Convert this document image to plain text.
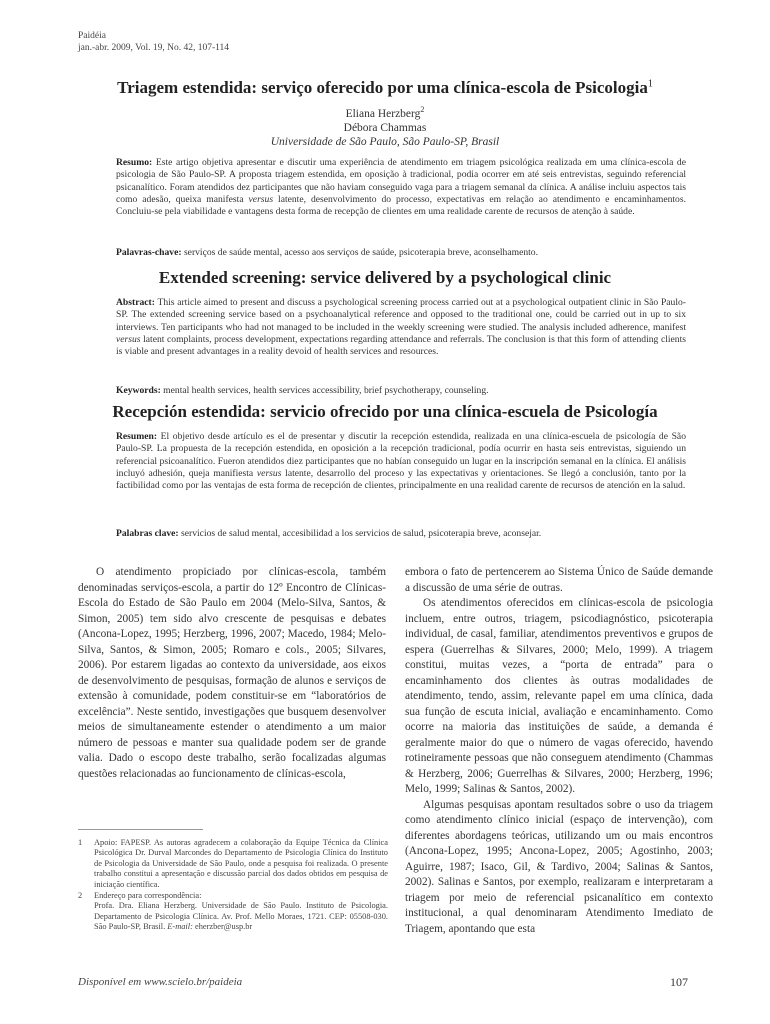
Paidéia
jan.-abr. 2009, Vol. 19, No. 42, 107-114
Triagem estendida: serviço oferecido por uma clínica-escola de Psicologia$^1$
Eliana Herzberg$^2$
Débora Chammas
Universidade de São Paulo, São Paulo-SP, Brasil
Resumo: Este artigo objetiva apresentar e discutir uma experiência de atendimento em triagem psicológica realizada em uma clínica-escola de psicologia de São Paulo-SP. A proposta triagem estendida, em oposição à tradicional, podia ocorrer em até seis entrevistas, seguindo referencial psicanalítico. Foram atendidos dez participantes que não haviam conseguido vaga para a triagem semanal da clínica. A análise incluiu aspectos tais como adesão, queixa manifesta versus latente, desenvolvimento do processo, expectativas em relação ao atendimento e encaminhamentos. Concluiu-se pela viabilidade e vantagens desta forma de recepção de clientes em uma realidade carente de recursos de atenção à saúde.
Palavras-chave: serviços de saúde mental, acesso aos serviços de saúde, psicoterapia breve, aconselhamento.
Extended screening: service delivered by a psychological clinic
Abstract: This article aimed to present and discuss a psychological screening process carried out at a psychological outpatient clinic in São Paulo-SP. The extended screening service based on a psychoanalytical reference and opposed to the traditional one, could be carried out in up to six interviews. Ten participants who had not managed to be included in the weekly screening were studied. The analysis included adherence, manifest versus latent complaints, process development, expectations regarding attendance and referrals. The conclusion is that this form of attending clients is viable and present advantages in a reality devoid of health services and resources.
Keywords: mental health services, health services accessibility, brief psychotherapy, counseling.
Recepción estendida: servicio ofrecido por una clínica-escuela de Psicología
Resumen: El objetivo desde artículo es el de presentar y discutir la recepción estendida, realizada en una clínica-escuela de psicología de São Paulo-SP. La propuesta de la recepción estendida, en oposición a la recepción tradicional, podía ocurrir en hasta seis entrevistas, siguiendo un referencial psicoanalítico. Fueron atendidos diez participantes que no habían conseguido un lugar en la inscripción semanal en la clínica. El análisis incluyó adhesión, queja manifiesta versus latente, desarrollo del proceso y las expectativas y orientaciones. Se llegó a conclusión, tanto por la factibilidad como por las ventajas de esta forma de recepción de clientes, principalmente en una realidad carente de recursos de atención en la salud.
Palabras clave: servicios de salud mental, accesibilidad a los servicios de salud, psicoterapia breve, aconsejar.

O atendimento propiciado por clínicas-escola, também denominadas serviços-escola, a partir do 12º Encontro de Clínicas-Escola do Estado de São Paulo em 2004 (Melo-Silva, Santos, & Simon, 2005) tem sido alvo crescente de pesquisas e debates (Ancona-Lopez, 1995; Herzberg, 1996, 2007; Macedo, 1984; Melo-Silva, Santos, & Simon, 2005; Romaro e cols., 2005; Silvares, 2006). Por estarem ligadas ao contexto da universidade, aos eixos de desenvolvimento de pesquisas, formação de alunos e serviços de extensão à comunidade, podem constituir-se em “laboratórios de excelência”. Neste sentido, investigações que busquem desenvolver meios de simultaneamente estender o atendimento a um maior número de pessoas e manter sua qualidade podem ser de grande valia. Dado o escopo deste trabalho, serão focalizadas algumas questões relacionadas ao funcionamento de clínicas-escola,

embora o fato de pertencerem ao Sistema Único de Saúde demande a discussão de uma série de outras.

Os atendimentos oferecidos em clínicas-escola de psicologia incluem, entre outros, triagem, psicodiagnóstico, psicoterapia individual, de casal, familiar, atendimentos preventivos e grupos de espera (Guerrelhas & Silvares, 2000; Melo, 1999). A triagem constitui, muitas vezes, a “porta de entrada” para o encaminhamento dos clientes às outras modalidades de atendimento, tendo, assim, relevante papel em uma clínica, dada sua função de escuta inicial, avaliação e encaminhamento. Como ocorre na maioria das instituições de saúde, a demanda é geralmente maior do que o número de vagas oferecido, havendo rotineiramente pessoas que não conseguem atendimento (Chammas & Herzberg, 2006; Guerrelhas & Silvares, 2000; Herzberg, 1996; Melo, 1999; Salinas & Santos, 2002).

Algumas pesquisas apontam resultados sobre o uso da triagem como atendimento clínico inicial (espaço de intervenção), com diferentes abordagens teóricas, utilizando um ou mais encontros (Ancona-Lopez, 1995; Ancona-Lopez, 2005; Agostinho, 2003; Aguirre, 1987; Isaco, Gil, & Tardivo, 2004; Salinas & Santos, 2002). Salinas e Santos, por exemplo, realizaram e interpretaram a triagem por meio de referencial psicanalítico em contexto institucional, a qual denominaram Atendimento Imediato de Triagem, apontando que esta

1 Apoio: FAPESP. As autoras agradecem a colaboração da Equipe Técnica da Clínica Psicológica Dr. Durval Marcondes do Departamento de Psicologia Clínica do Instituto de Psicologia da Universidade de São Paulo, onde a pesquisa foi realizada. O presente trabalho constitui a apresentação e discussão parcial dos dados obtidos em pesquisa de iniciação científica.
2 Endereço para correspondência:
Profa. Dra. Eliana Herzberg. Universidade de São Paulo. Instituto de Psicologia. Departamento de Psicologia Clínica. Av. Prof. Mello Moraes, 1721. CEP: 05508-030. São Paulo-SP, Brasil. E-mail: eherzber@usp.br
Disponível em www.scielo.br/paideia	107
